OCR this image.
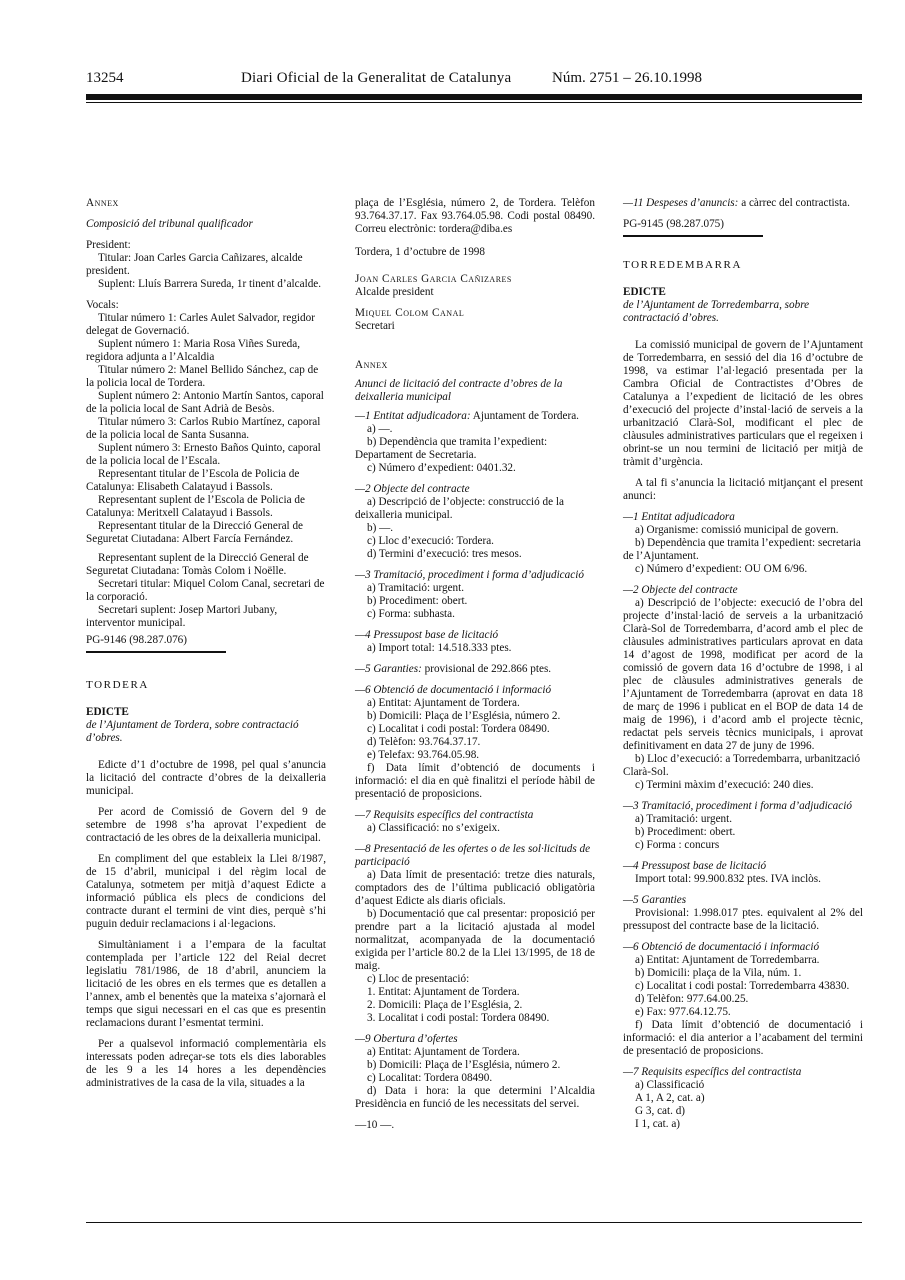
13254	Diari Oficial de la Generalitat de Catalunya	Núm. 2751 – 26.10.1998

Annex

Composició del tribunal qualificador

President:

Titular: Joan Carles Garcia Cañizares, alcalde president.

Suplent: Lluís Barrera Sureda, 1r tinent d’alcalde.

Vocals:

Titular número 1: Carles Aulet Salvador, regidor delegat de Governació.

Suplent número 1: Maria Rosa Viñes Sureda, regidora adjunta a l’Alcaldia

Titular número 2: Manel Bellido Sánchez, cap de la policia local de Tordera.

Suplent número 2: Antonio Martín Santos, caporal de la policia local de Sant Adrià de Besòs.

Titular número 3: Carlos Rubio Martínez, caporal de la policia local de Santa Susanna.

Suplent número 3: Ernesto Baños Quinto, caporal de la policia local de l’Escala.

Representant titular de l’Escola de Policia de Catalunya: Elisabeth Calatayud i Bassols.

Representant suplent de l’Escola de Policia de Catalunya: Meritxell Calatayud i Bassols.

Representant titular de la Direcció General de Seguretat Ciutadana: Albert Farcía Fernández.

Representant suplent de la Direcció General de Seguretat Ciutadana: Tomàs Colom i Noëlle.

Secretari titular: Miquel Colom Canal, secretari de la corporació.

Secretari suplent: Josep Martori Jubany, interventor municipal.

PG-9146 (98.287.076)

TORDERA

EDICTE

de l’Ajuntament de Tordera, sobre contractació d’obres.

Edicte d’1 d’octubre de 1998, pel qual s’anuncia la licitació del contracte d’obres de la deixalleria municipal.

Per acord de Comissió de Govern del 9 de setembre de 1998 s’ha aprovat l’expedient de contractació de les obres de la deixalleria municipal.

En compliment del que estableix la Llei 8/1987, de 15 d’abril, municipal i del règim local de Catalunya, sotmetem per mitjà d’aquest Edicte a informació pública els plecs de condicions del contracte durant el termini de vint dies, perquè s’hi puguin deduir reclamacions i al·legacions.

Simultàniament i a l’empara de la facultat contemplada per l’article 122 del Reial decret legislatiu 781/1986, de 18 d’abril, anunciem la licitació de les obres en els termes que es detallen a l’annex, amb el benentès que la mateixa s’ajornarà el temps que sigui necessari en el cas que es presentin reclamacions durant l’esmentat termini.

Per a qualsevol informació complementària els interessats poden adreçar-se tots els dies laborables de les 9 a les 14 hores a les dependències administratives de la casa de la vila, situades a la

plaça de l’Església, número 2, de Tordera. Telèfon 93.764.37.17. Fax 93.764.05.98. Codi postal 08490. Correu electrònic: tordera@diba.es

Tordera, 1 d’octubre de 1998

Joan Carles Garcia Cañizares

Alcalde president

Miquel Colom Canal

Secretari

Annex

Anunci de licitació del contracte d’obres de la deixalleria municipal

—1 Entitat adjudicadora: Ajuntament de Tordera.

a) —.

b) Dependència que tramita l’expedient: Departament de Secretaria.

c) Número d’expedient: 0401.32.

—2 Objecte del contracte

a) Descripció de l’objecte: construcció de la deixalleria municipal.

b) —.

c) Lloc d’execució: Tordera.

d) Termini d’execució: tres mesos.

—3 Tramitació, procediment i forma d’adjudicació

a) Tramitació: urgent.

b) Procediment: obert.

c) Forma: subhasta.

—4 Pressupost base de licitació

a) Import total: 14.518.333 ptes.

—5 Garanties: provisional de 292.866 ptes.

—6 Obtenció de documentació i informació

a) Entitat: Ajuntament de Tordera.

b) Domicili: Plaça de l’Església, número 2.

c) Localitat i codi postal: Tordera 08490.

d) Telèfon: 93.764.37.17.

e) Telefax: 93.764.05.98.

f) Data límit d’obtenció de documents i informació: el dia en què finalitzi el període hàbil de presentació de proposicions.

—7 Requisits específics del contractista

a) Classificació: no s’exigeix.

—8 Presentació de les ofertes o de les sol·licituds de participació

a) Data límit de presentació: tretze dies naturals, comptadors des de l’última publicació obligatòria d’aquest Edicte als diaris oficials.

b) Documentació que cal presentar: proposició per prendre part a la licitació ajustada al model normalitzat, acompanyada de la documentació exigida per l’article 80.2 de la Llei 13/1995, de 18 de maig.

c) Lloc de presentació:

1. Entitat: Ajuntament de Tordera.

2. Domicili: Plaça de l’Església, 2.

3. Localitat i codi postal: Tordera 08490.

—9 Obertura d’ofertes

a) Entitat: Ajuntament de Tordera.

b) Domicili: Plaça de l’Església, número 2.

c) Localitat: Tordera 08490.

d) Data i hora: la que determini l’Alcaldia Presidència en funció de les necessitats del servei.

—10 —.

—11 Despeses d’anuncis: a càrrec del contractista.

PG-9145 (98.287.075)

TORREDEMBARRA

EDICTE

de l’Ajuntament de Torredembarra, sobre contractació d’obres.

La comissió municipal de govern de l’Ajuntament de Torredembarra, en sessió del dia 16 d’octubre de 1998, va estimar l’al·legació presentada per la Cambra Oficial de Contractistes d’Obres de Catalunya a l’expedient de licitació de les obres d’execució del projecte d’instal·lació de serveis a la urbanització Clarà-Sol, modificant el plec de clàusules administratives particulars que el regeixen i obrint-se un nou termini de licitació per mitjà de tràmit d’urgència.

A tal fi s’anuncia la licitació mitjançant el present anunci:

—1 Entitat adjudicadora

a) Organisme: comissió municipal de govern.

b) Dependència que tramita l’expedient: secretaria de l’Ajuntament.

c) Número d’expedient: OU OM 6/96.

—2 Objecte del contracte

a) Descripció de l’objecte: execució de l’obra del projecte d’instal·lació de serveis a la urbanització Clarà-Sol de Torredembarra, d’acord amb el plec de clàusules administratives particulars aprovat en data 14 d’agost de 1998, modificat per acord de la comissió de govern data 16 d’octubre de 1998, i al plec de clàusules administratives generals de l’Ajuntament de Torredembarra (aprovat en data 18 de març de 1996 i publicat en el BOP de data 14 de maig de 1996), i d’acord amb el projecte tècnic, redactat pels serveis tècnics municipals, i aprovat definitivament en data 27 de juny de 1996.

b) Lloc d’execució: a Torredembarra, urbanització Clarà-Sol.

c) Termini màxim d’execució: 240 dies.

—3 Tramitació, procediment i forma d’adjudicació

a) Tramitació: urgent.

b) Procediment: obert.

c) Forma : concurs

—4 Pressupost base de licitació

Import total: 99.900.832 ptes. IVA inclòs.

—5 Garanties

Provisional: 1.998.017 ptes. equivalent al 2% del pressupost del contracte base de la licitació.

—6 Obtenció de documentació i informació

a) Entitat: Ajuntament de Torredembarra.

b) Domicili: plaça de la Vila, núm. 1.

c) Localitat i codi postal: Torredembarra 43830.

d) Telèfon: 977.64.00.25.

e) Fax: 977.64.12.75.

f) Data límit d’obtenció de documentació i informació: el dia anterior a l’acabament del termini de presentació de proposicions.

—7 Requisits específics del contractista

a) Classificació

A 1, A 2, cat. a)

G 3, cat. d)

I 1, cat. a)
